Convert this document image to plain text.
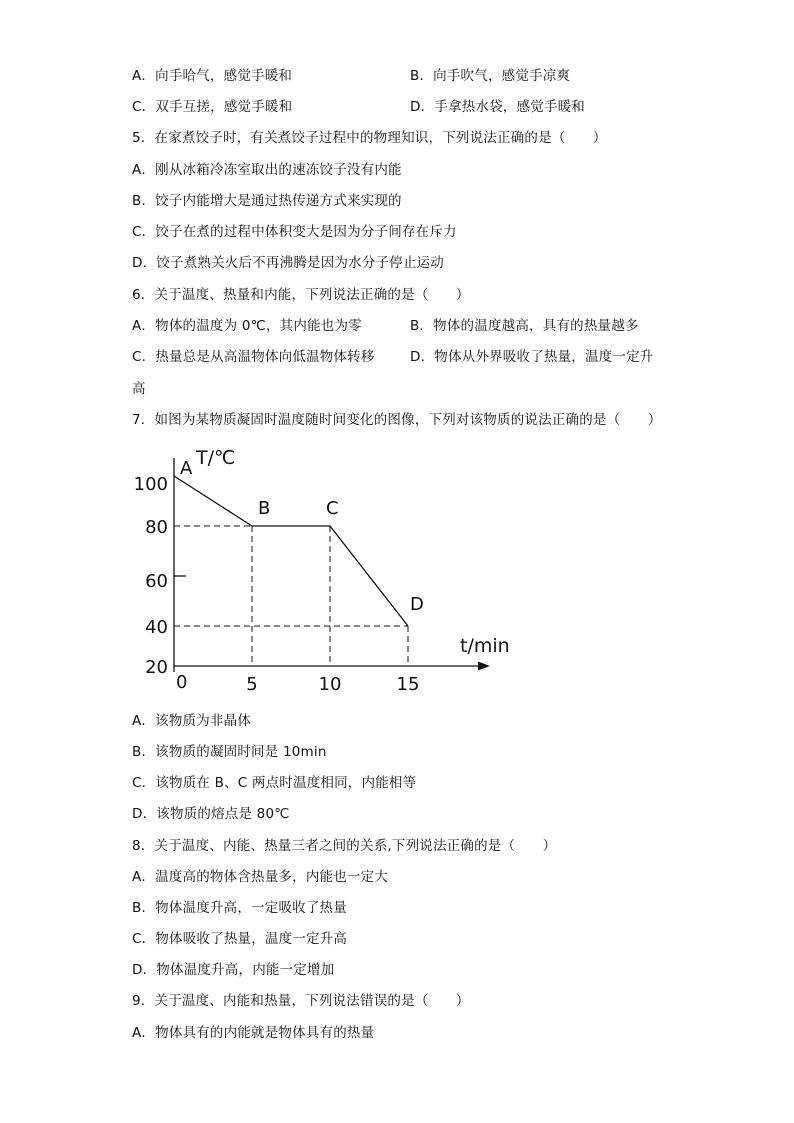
A．向手哈气，感觉手暖和	B．向手吹气，感觉手凉爽
C．双手互搓，感觉手暖和	D．手拿热水袋，感觉手暖和
5．在家煮饺子时，有关煮饺子过程中的物理知识，下列说法正确的是（　　）
A．刚从冰箱冷冻室取出的速冻饺子没有内能
B．饺子内能增大是通过热传递方式来实现的
C．饺子在煮的过程中体积变大是因为分子间存在斥力
D．饺子煮熟关火后不再沸腾是因为水分子停止运动
6．关于温度、热量和内能，下列说法正确的是（　　）
A．物体的温度为 0℃，其内能也为零	B．物体的温度越高，具有的热量越多
C．热量总是从高温物体向低温物体转移	D．物体从外界吸收了热量，温度一定升
高
7．如图为某物质凝固时温度随时间变化的图像，下列对该物质的说法正确的是（　　）
T/℃
t/min
0
20
40
60
80
100
5	10	15
A
B	C
D
A．该物质为非晶体
B．该物质的凝固时间是 10min
C．该物质在 B、C 两点时温度相同，内能相等
D．该物质的熔点是 80℃
8．关于温度、内能、热量三者之间的关系,下列说法正确的是（　　）
A．温度高的物体含热量多，内能也一定大
B．物体温度升高，一定吸收了热量
C．物体吸收了热量，温度一定升高
D．物体温度升高，内能一定增加
9．关于温度、内能和热量，下列说法错误的是（　　）
A．物体具有的内能就是物体具有的热量
